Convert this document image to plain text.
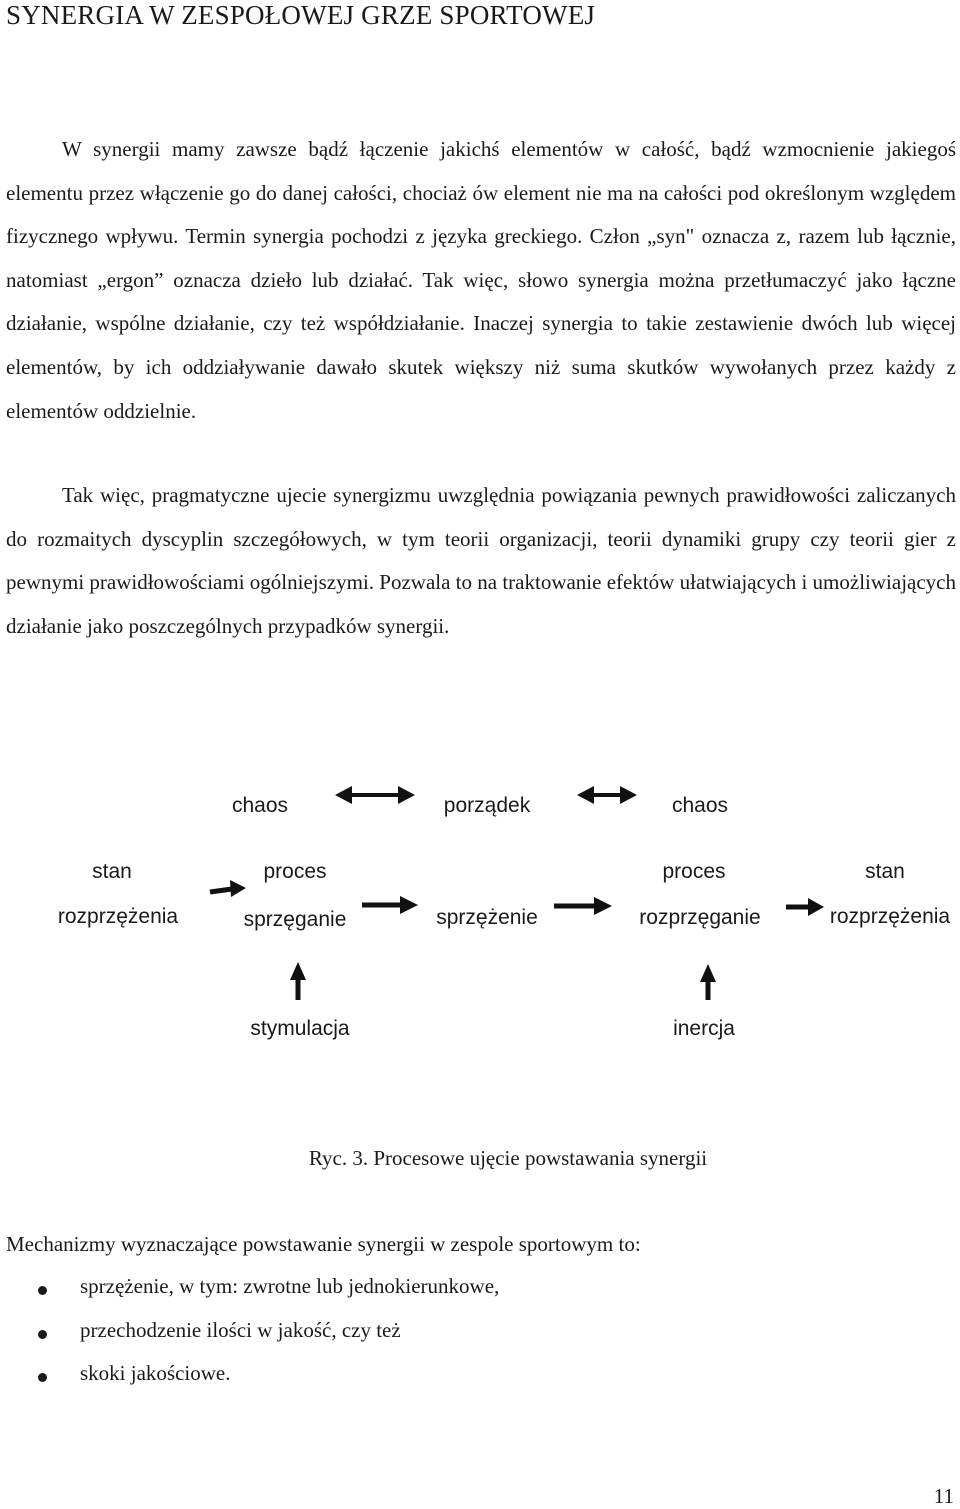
SYNERGIA W ZESPOŁOWEJ GRZE SPORTOWEJ
W synergii mamy zawsze bądź łączenie jakichś elementów w całość, bądź wzmocnienie jakiegoś elementu przez włączenie go do danej całości, chociaż ów element nie ma na całości pod określonym względem fizycznego wpływu. Termin synergia pochodzi z języka greckiego. Człon „syn" oznacza z, razem lub łącznie, natomiast „ergon” oznacza dzieło lub działać. Tak więc, słowo synergia można przetłumaczyć jako łączne działanie, wspólne działanie, czy też współdziałanie. Inaczej synergia to takie zestawienie dwóch lub więcej elementów, by ich oddziaływanie dawało skutek większy niż suma skutków wywołanych przez każdy z elementów oddzielnie.
Tak więc, pragmatyczne ujecie synergizmu uwzględnia powiązania pewnych prawidłowości zaliczanych do rozmaitych dyscyplin szczegółowych, w tym teorii organizacji, teorii dynamiki grupy czy teorii gier z pewnymi prawidłowościami ogólniejszymi. Pozwala to na traktowanie efektów ułatwiających i umożliwiających działanie jako poszczególnych przypadków synergii.
chaos	porządek	chaos
stan
rozprzężenia
proces
sprzęganie	sprzężenie
proces
rozprzęganie
stan
rozprzężenia
stymulacja	inercja
Ryc. 3. Procesowe ujęcie powstawania synergii
Mechanizmy wyznaczające powstawanie synergii w zespole sportowym to:
sprzężenie, w tym: zwrotne lub jednokierunkowe,
przechodzenie ilości w jakość, czy też
skoki jakościowe.
11
